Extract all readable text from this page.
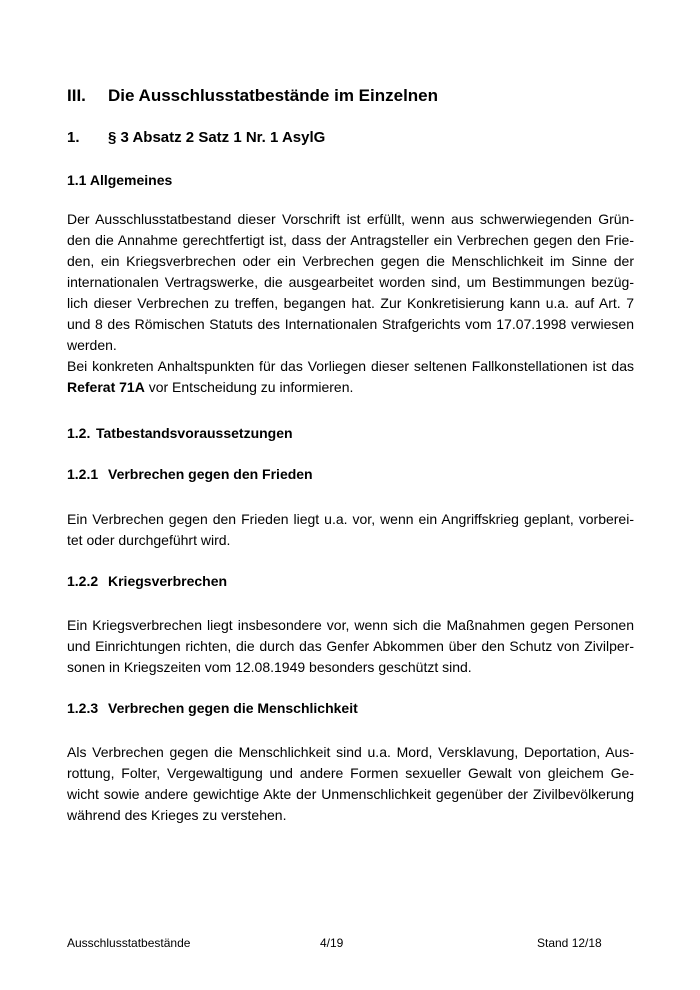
III. Die Ausschlusstatbestände im Einzelnen
1. § 3 Absatz 2 Satz 1 Nr. 1 AsylG
1.1 Allgemeines
Der Ausschlusstatbestand dieser Vorschrift ist erfüllt, wenn aus schwerwiegenden Grün-
den die Annahme gerechtfertigt ist, dass der Antragsteller ein Verbrechen gegen den Frie-
den, ein Kriegsverbrechen oder ein Verbrechen gegen die Menschlichkeit im Sinne der
internationalen Vertragswerke, die ausgearbeitet worden sind, um Bestimmungen bezüg-
lich dieser Verbrechen zu treffen, begangen hat. Zur Konkretisierung kann u.a. auf Art. 7
und 8 des Römischen Statuts des Internationalen Strafgerichts vom 17.07.1998 verwiesen
werden.
Bei konkreten Anhaltspunkten für das Vorliegen dieser seltenen Fallkonstellationen ist das
Referat 71A vor Entscheidung zu informieren.
1.2. Tatbestandsvoraussetzungen
1.2.1 Verbrechen gegen den Frieden
Ein Verbrechen gegen den Frieden liegt u.a. vor, wenn ein Angriffskrieg geplant, vorberei-
tet oder durchgeführt wird.
1.2.2 Kriegsverbrechen
Ein Kriegsverbrechen liegt insbesondere vor, wenn sich die Maßnahmen gegen Personen
und Einrichtungen richten, die durch das Genfer Abkommen über den Schutz von Zivilper-
sonen in Kriegszeiten vom 12.08.1949 besonders geschützt sind.
1.2.3 Verbrechen gegen die Menschlichkeit
Als Verbrechen gegen die Menschlichkeit sind u.a. Mord, Versklavung, Deportation, Aus-
rottung, Folter, Vergewaltigung und andere Formen sexueller Gewalt von gleichem Ge-
wicht sowie andere gewichtige Akte der Unmenschlichkeit gegenüber der Zivilbevölkerung
während des Krieges zu verstehen.
Ausschlusstatbestände	4/19	Stand 12/18
